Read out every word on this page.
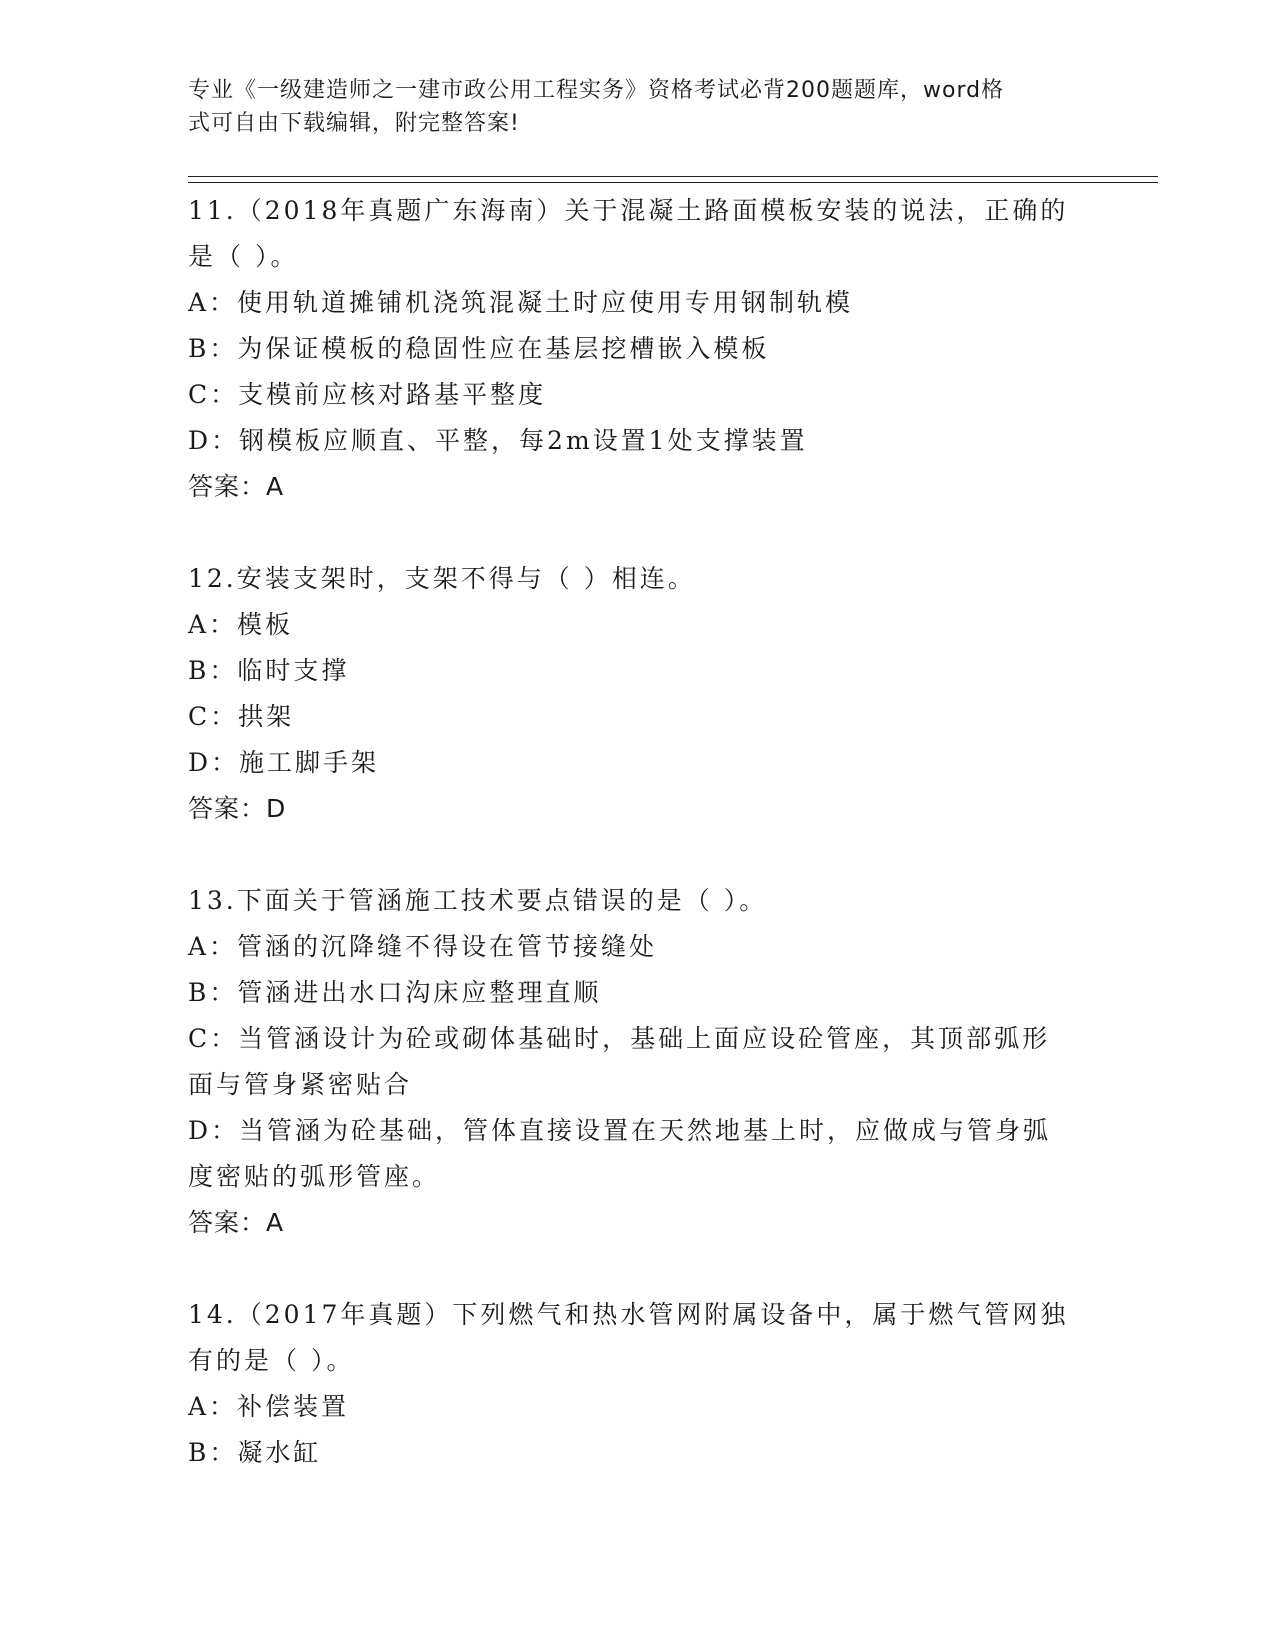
专业《一级建造师之一建市政公用工程实务》资格考试必背200题题库，word格
式可自由下载编辑，附完整答案!
11.（2018年真题广东海南）关于混凝土路面模板安装的说法，正确的
是（ ）。
A：使用轨道摊铺机浇筑混凝土时应使用专用钢制轨模
B：为保证模板的稳固性应在基层挖槽嵌入模板
C：支模前应核对路基平整度
D：钢模板应顺直、平整，每2m设置1处支撑装置
答案：A
12.安装支架时，支架不得与（ ）相连。
A：模板
B：临时支撑
C：拱架
D：施工脚手架
答案：D
13.下面关于管涵施工技术要点错误的是（ ）。
A：管涵的沉降缝不得设在管节接缝处
B：管涵进出水口沟床应整理直顺
C：当管涵设计为砼或砌体基础时，基础上面应设砼管座，其顶部弧形
面与管身紧密贴合
D：当管涵为砼基础，管体直接设置在天然地基上时，应做成与管身弧
度密贴的弧形管座。
答案：A
14.（2017年真题）下列燃气和热水管网附属设备中，属于燃气管网独
有的是（ ）。
A：补偿装置
B：凝水缸
